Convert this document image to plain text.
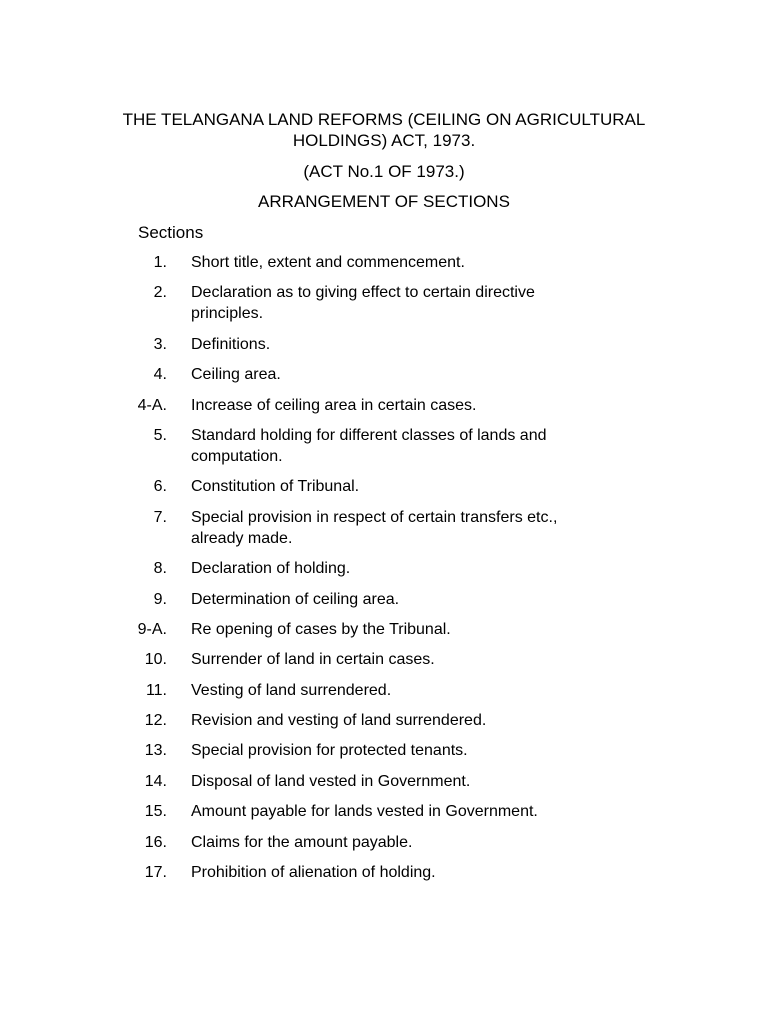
THE TELANGANA LAND REFORMS (CEILING ON AGRICULTURAL HOLDINGS) ACT, 1973.
(ACT No.1 OF 1973.)
ARRANGEMENT OF SECTIONS
Sections
1.	Short title, extent and commencement.
2.	Declaration as to giving effect to certain directive principles.
3.	Definitions.
4.	Ceiling area.
4-A.	Increase of ceiling area in certain cases.
5.	Standard holding for different classes of lands and computation.
6.	Constitution of Tribunal.
7.	Special provision in respect of certain transfers etc., already made.
8.	Declaration of holding.
9.	Determination of ceiling area.
9-A.	Re opening of cases by the Tribunal.
10.	Surrender of land in certain cases.
11.	Vesting of land surrendered.
12.	Revision and vesting of land surrendered.
13.	Special provision for protected tenants.
14.	Disposal of land vested in Government.
15.	Amount payable for lands vested in Government.
16.	Claims for the amount payable.
17.	Prohibition of alienation of holding.
